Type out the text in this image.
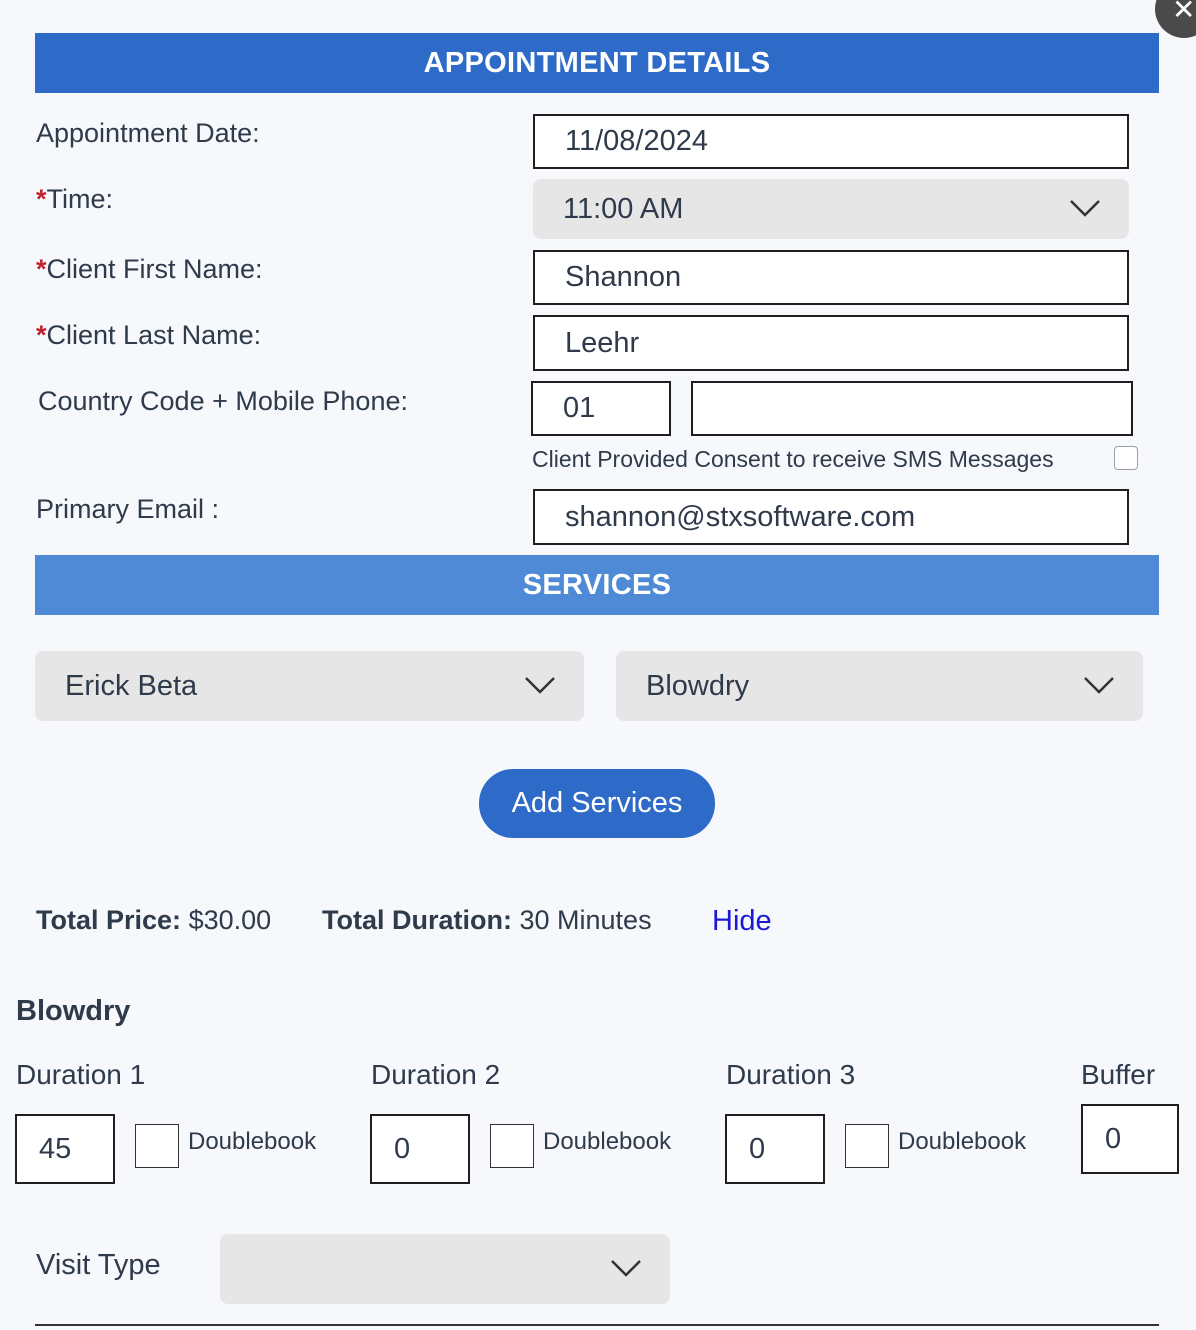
✕
APPOINTMENT DETAILS
Appointment Date:	11/08/2024
*Time:	11:00 AM
*Client First Name:	Shannon
*Client Last Name:	Leehr
Country Code + Mobile Phone:	01
Client Provided Consent to receive SMS Messages
Primary Email :	shannon@stxsoftware.com
SERVICES
Erick Beta	Blowdry
Add Services
Total Price: $30.00 Total Duration: 30 Minutes Hide
Blowdry
Duration 1
45	Doublebook
Duration 2
0	Doublebook
Duration 3
0	Doublebook
Buffer
0
Visit Type
